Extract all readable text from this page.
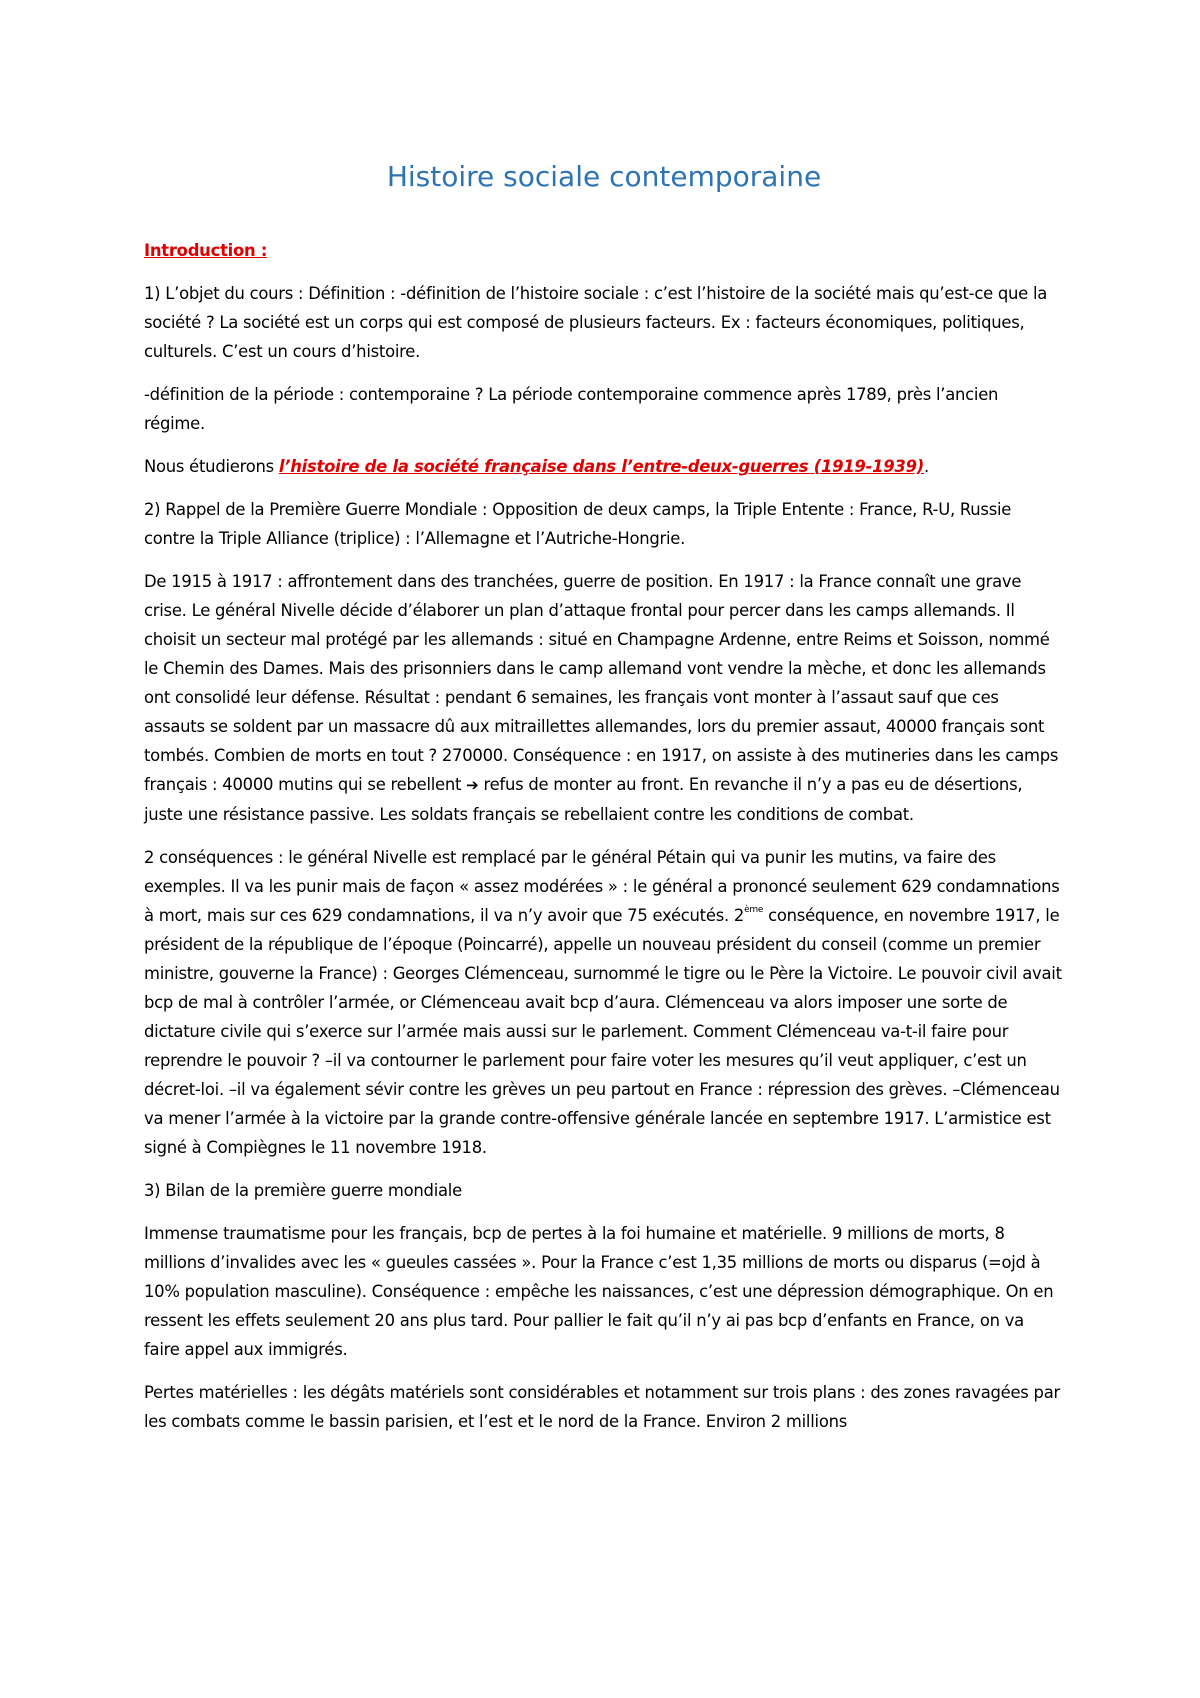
Histoire sociale contemporaine

Introduction :

1) L’objet du cours : Définition : -définition de l’histoire sociale : c’est l’histoire de la société mais qu’est-ce que la société ? La société est un corps qui est composé de plusieurs facteurs. Ex : facteurs économiques, politiques, culturels. C’est un cours d’histoire.

-définition de la période : contemporaine ? La période contemporaine commence après 1789, près l’ancien régime.

Nous étudierons l’histoire de la société française dans l’entre-deux-guerres (1919-1939).

2) Rappel de la Première Guerre Mondiale : Opposition de deux camps, la Triple Entente : France, R-U, Russie contre la Triple Alliance (triplice) : l’Allemagne et l’Autriche-Hongrie.

De 1915 à 1917 : affrontement dans des tranchées, guerre de position. En 1917 : la France connaît une grave crise. Le général Nivelle décide d’élaborer un plan d’attaque frontal pour percer dans les camps allemands. Il choisit un secteur mal protégé par les allemands : situé en Champagne Ardenne, entre Reims et Soisson, nommé le Chemin des Dames. Mais des prisonniers dans le camp allemand vont vendre la mèche, et donc les allemands ont consolidé leur défense. Résultat : pendant 6 semaines, les français vont monter à l’assaut sauf que ces assauts se soldent par un massacre dû aux mitraillettes allemandes, lors du premier assaut, 40000 français sont tombés. Combien de morts en tout ? 270000. Conséquence : en 1917, on assiste à des mutineries dans les camps français : 40000 mutins qui se rebellent ➔ refus de monter au front. En revanche il n’y a pas eu de désertions, juste une résistance passive. Les soldats français se rebellaient contre les conditions de combat.

2 conséquences : le général Nivelle est remplacé par le général Pétain qui va punir les mutins, va faire des exemples. Il va les punir mais de façon « assez modérées » : le général a prononcé seulement 629 condamnations à mort, mais sur ces 629 condamnations, il va n’y avoir que 75 exécutés. 2ème conséquence, en novembre 1917, le président de la république de l’époque (Poincarré), appelle un nouveau président du conseil (comme un premier ministre, gouverne la France) : Georges Clémenceau, surnommé le tigre ou le Père la Victoire. Le pouvoir civil avait bcp de mal à contrôler l’armée, or Clémenceau avait bcp d’aura. Clémenceau va alors imposer une sorte de dictature civile qui s’exerce sur l’armée mais aussi sur le parlement. Comment Clémenceau va-t-il faire pour reprendre le pouvoir ? –il va contourner le parlement pour faire voter les mesures qu’il veut appliquer, c’est un décret-loi. –il va également sévir contre les grèves un peu partout en France : répression des grèves. –Clémenceau va mener l’armée à la victoire par la grande contre-offensive générale lancée en septembre 1917. L’armistice est signé à Compiègnes le 11 novembre 1918.

3) Bilan de la première guerre mondiale

Immense traumatisme pour les français, bcp de pertes à la foi humaine et matérielle. 9 millions de morts, 8 millions d’invalides avec les « gueules cassées ». Pour la France c’est 1,35 millions de morts ou disparus (=ojd à 10% population masculine). Conséquence : empêche les naissances, c’est une dépression démographique. On en ressent les effets seulement 20 ans plus tard. Pour pallier le fait qu’il n’y ai pas bcp d’enfants en France, on va faire appel aux immigrés.

Pertes matérielles : les dégâts matériels sont considérables et notamment sur trois plans : des zones ravagées par les combats comme le bassin parisien, et l’est et le nord de la France. Environ 2 millions
